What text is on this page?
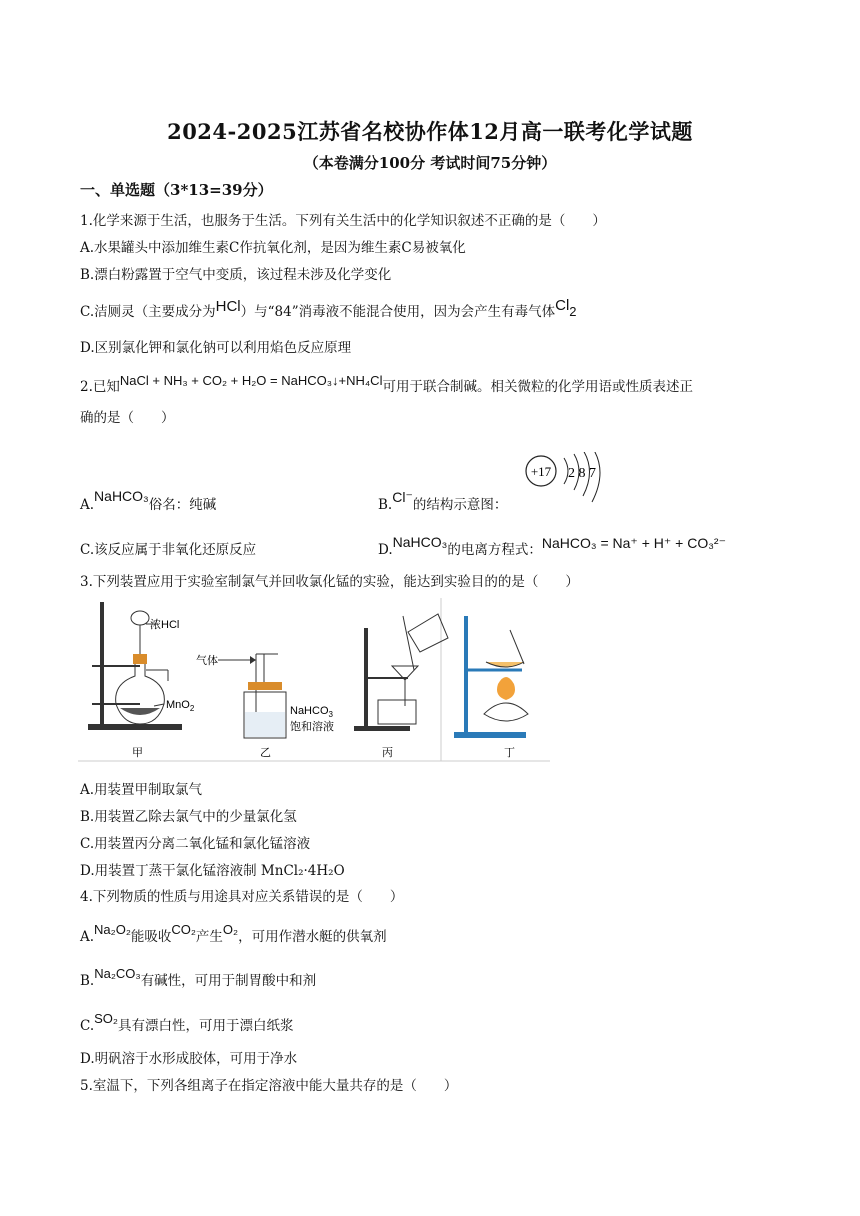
2024-2025江苏省名校协作体12月高一联考化学试题
（本卷满分100分 考试时间75分钟）
一、单选题（3*13=39分）
1.化学来源于生活，也服务于生活。下列有关生活中的化学知识叙述不正确的是（　　）
A.水果罐头中添加维生素C作抗氧化剂，是因为维生素C易被氧化
B.漂白粉露置于空气中变质，该过程未涉及化学变化
C.洁厕灵（主要成分为HCl）与“84”消毒液不能混合使用，因为会产生有毒气体$Cl_2$
D.区别氯化钾和氯化钠可以利用焰色反应原理
2.已知NaCl + NH₃ + CO₂ + H₂O = NaHCO₃↓+NH₄Cl可用于联合制碱。相关微粒的化学用语或性质表述正
确的是（　　）
A.NaHCO₃俗名：纯碱	B.Cl⁻的结构示意图：
+17 2 8 7
C.该反应属于非氧化还原反应	D.NaHCO₃的电离方程式：NaHCO₃ = Na⁺ + H⁺ + CO₃²⁻
3.下列装置应用于实验室制氯气并回收氯化锰的实验，能达到实验目的的是（　　）
浓HCl
MnO$_2$
甲
气体
NaHCO$_3$
饱和溶液
乙	丙	丁
A.用装置甲制取氯气
B.用装置乙除去氯气中的少量氯化氢
C.用装置丙分离二氧化锰和氯化锰溶液
D.用装置丁蒸干氯化锰溶液制 MnCl₂·4H₂O
4.下列物质的性质与用途具对应关系错误的是（　　）
A.Na₂O₂能吸收CO₂产生O₂，可用作潜水艇的供氧剂
B.Na₂CO₃有碱性，可用于制胃酸中和剂
C.SO₂具有漂白性，可用于漂白纸浆
D.明矾溶于水形成胶体，可用于净水
5.室温下，下列各组离子在指定溶液中能大量共存的是（　　）
